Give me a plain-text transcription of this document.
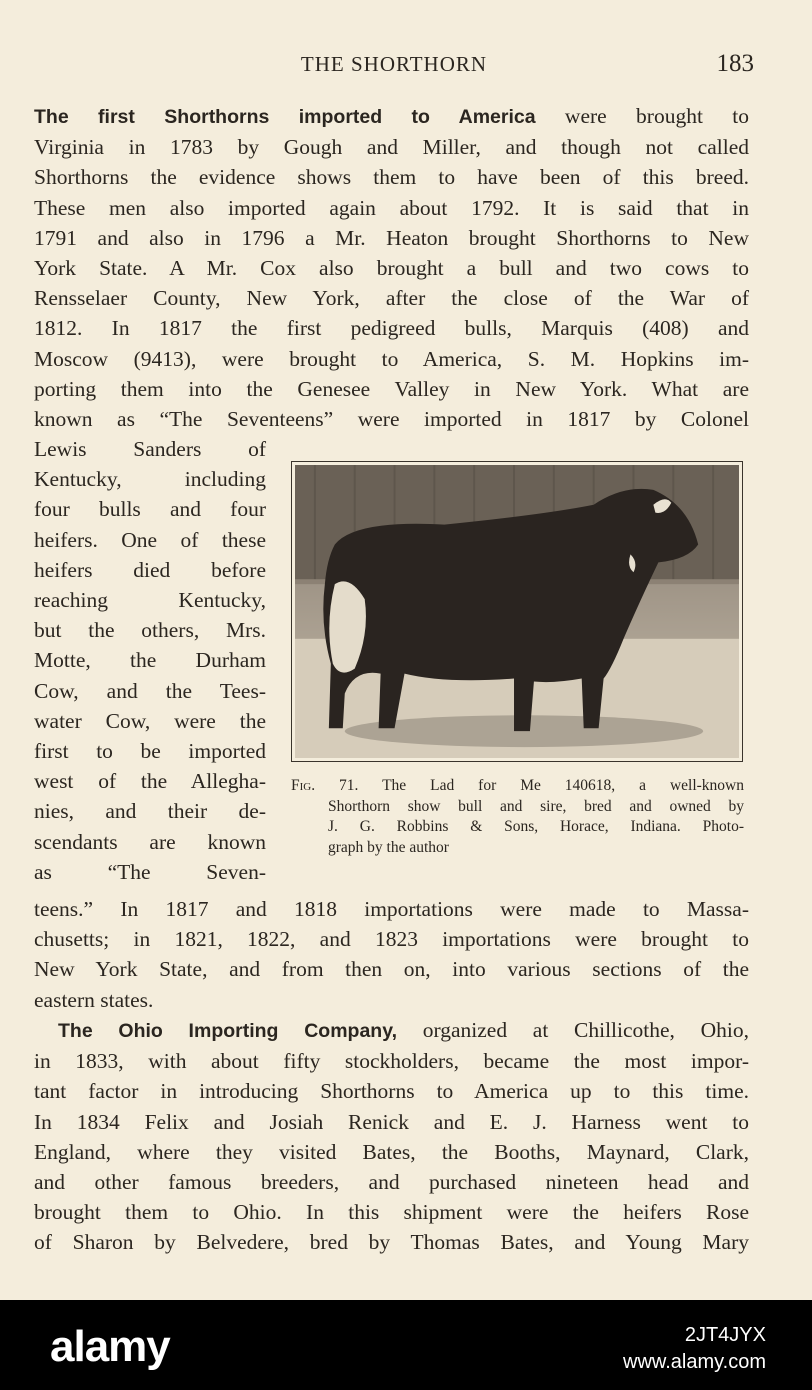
THE SHORTHORN	183
The first Shorthorns imported to America were brought to
Virginia in 1783 by Gough and Miller, and though not called
Shorthorns the evidence shows them to have been of this breed.
These men also imported again about 1792. It is said that in
1791 and also in 1796 a Mr. Heaton brought Shorthorns to New
York State. A Mr. Cox also brought a bull and two cows to
Rensselaer County, New York, after the close of the War of
1812. In 1817 the first pedigreed bulls, Marquis (408) and
Moscow (9413), were brought to America, S. M. Hopkins im-
porting them into the Genesee Valley in New York. What are
known as “The Seventeens” were imported in 1817 by Colonel
Lewis Sanders of
Kentucky, including
four bulls and four
heifers. One of these
heifers died before
reaching Kentucky,
but the others, Mrs.
Motte, the Durham
Cow, and the Tees-
water Cow, were the
first to be imported
west of the Allegha-
nies, and their de-
scendants are known
as “The Seven-
Fig. 71. The Lad for Me 140618, a well-known
Shorthorn show bull and sire, bred and owned by
J. G. Robbins & Sons, Horace, Indiana. Photo-
graph by the author
teens.” In 1817 and 1818 importations were made to Massa-
chusetts; in 1821, 1822, and 1823 importations were brought to
New York State, and from then on, into various sections of the
eastern states.
The Ohio Importing Company, organized at Chillicothe, Ohio,
in 1833, with about fifty stockholders, became the most impor-
tant factor in introducing Shorthorns to America up to this time.
In 1834 Felix and Josiah Renick and E. J. Harness went to
England, where they visited Bates, the Booths, Maynard, Clark,
and other famous breeders, and purchased nineteen head and
brought them to Ohio. In this shipment were the heifers Rose
of Sharon by Belvedere, bred by Thomas Bates, and Young Mary
alamy	2JT4JYX
www.alamy.com
